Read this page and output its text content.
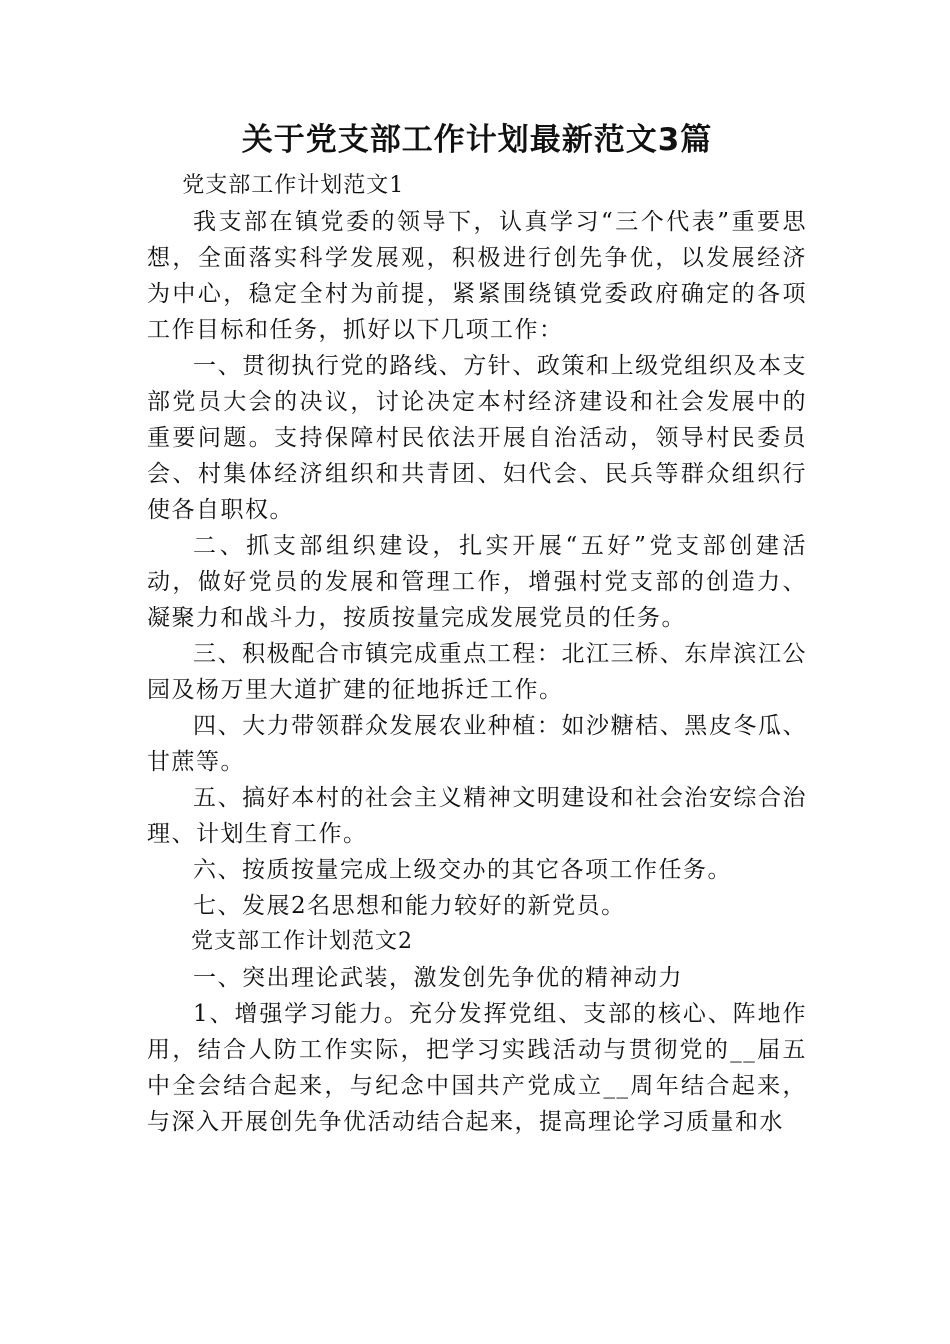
关于党支部工作计划最新范文3篇

党支部工作计划范文1

我支部在镇党委的领导下，认真学习“三个代表”重要思想，全面落实科学发展观，积极进行创先争优，以发展经济为中心，稳定全村为前提，紧紧围绕镇党委政府确定的各项工作目标和任务，抓好以下几项工作：

一、贯彻执行党的路线、方针、政策和上级党组织及本支部党员大会的决议，讨论决定本村经济建设和社会发展中的重要问题。支持保障村民依法开展自治活动，领导村民委员会、村集体经济组织和共青团、妇代会、民兵等群众组织行使各自职权。

二、抓支部组织建设，扎实开展“五好”党支部创建活动，做好党员的发展和管理工作，增强村党支部的创造力、凝聚力和战斗力，按质按量完成发展党员的任务。

三、积极配合市镇完成重点工程：北江三桥、东岸滨江公园及杨万里大道扩建的征地拆迁工作。

四、大力带领群众发展农业种植：如沙糖桔、黑皮冬瓜、甘蔗等。

五、搞好本村的社会主义精神文明建设和社会治安综合治理、计划生育工作。

六、按质按量完成上级交办的其它各项工作任务。

七、发展2名思想和能力较好的新党员。

党支部工作计划范文2

一、突出理论武装，激发创先争优的精神动力

1、增强学习能力。充分发挥党组、支部的核心、阵地作用，结合人防工作实际，把学习实践活动与贯彻党的__届五中全会结合起来，与纪念中国共产党成立__周年结合起来，与深入开展创先争优活动结合起来，提高理论学习质量和水
